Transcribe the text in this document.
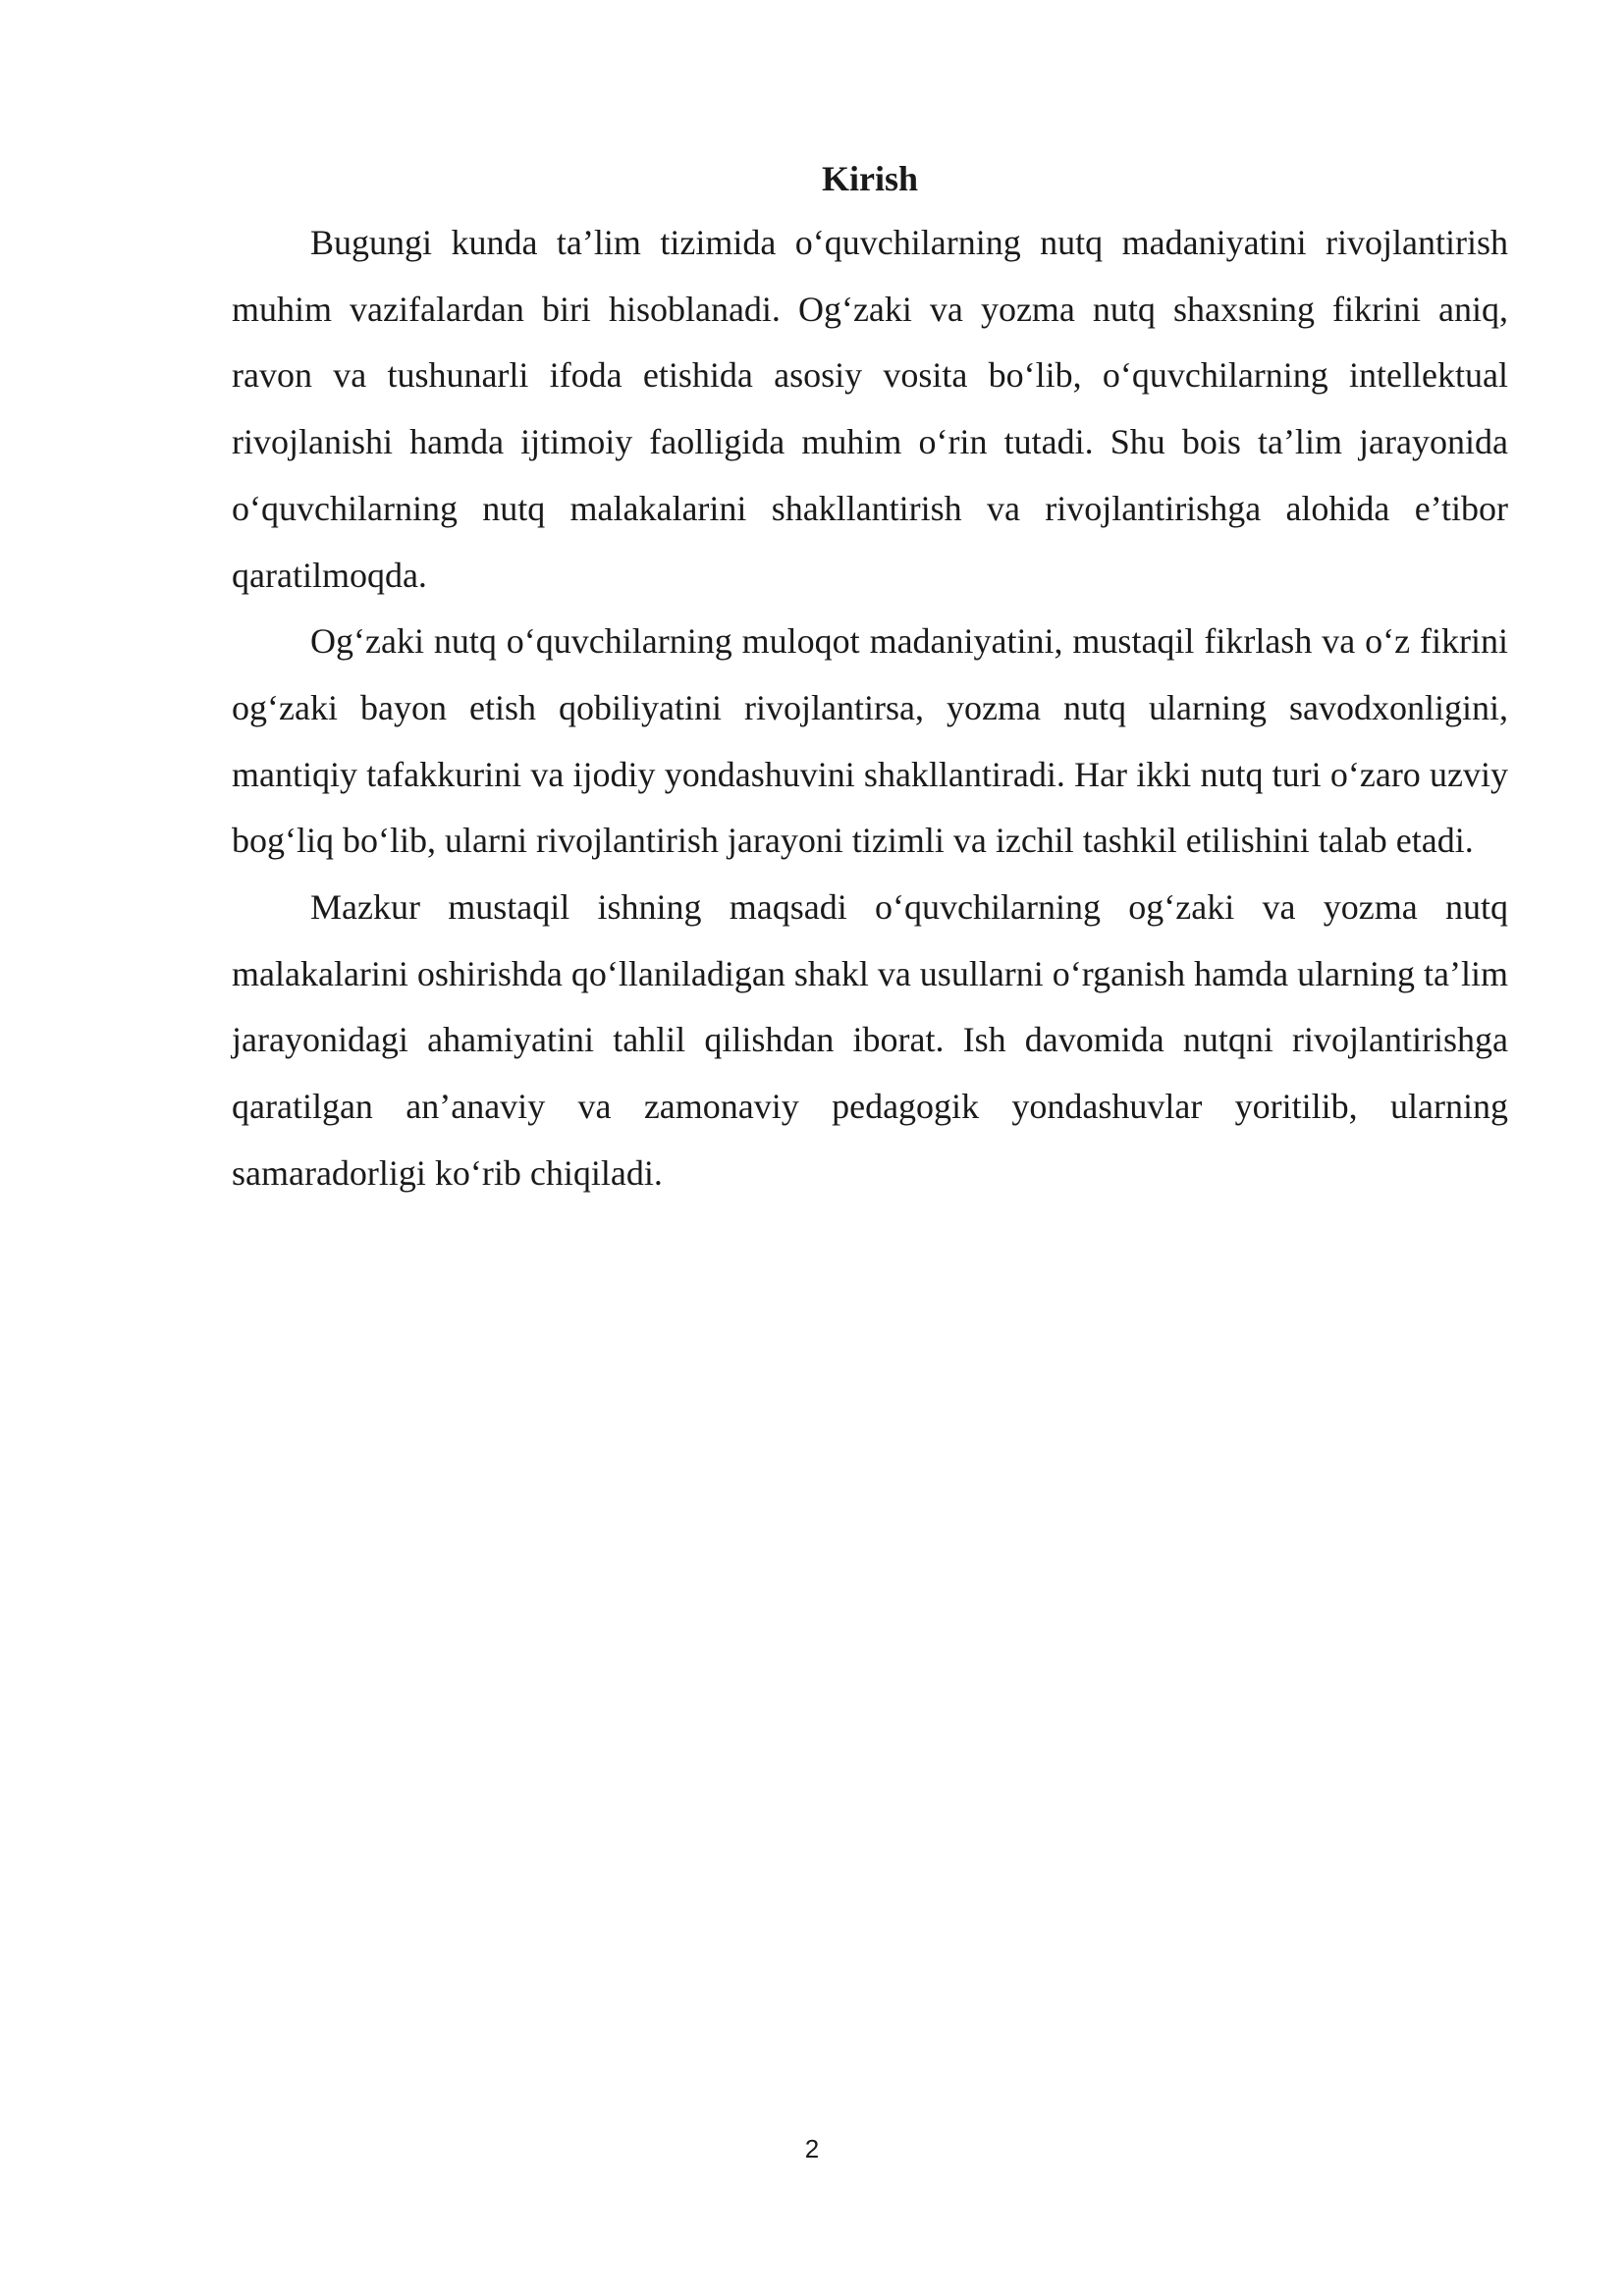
Kirish

Bugungi kunda ta’lim tizimida o‘quvchilarning nutq madaniyatini rivojlantirish muhim vazifalardan biri hisoblanadi. Og‘zaki va yozma nutq shaxsning fikrini aniq, ravon va tushunarli ifoda etishida asosiy vosita bo‘lib, o‘quvchilarning intellektual rivojlanishi hamda ijtimoiy faolligida muhim o‘rin tutadi. Shu bois ta’lim jarayonida o‘quvchilarning nutq malakalarini shakllantirish va rivojlantirishga alohida e’tibor qaratilmoqda.

Og‘zaki nutq o‘quvchilarning muloqot madaniyatini, mustaqil fikrlash va o‘z fikrini og‘zaki bayon etish qobiliyatini rivojlantirsa, yozma nutq ularning savodxonligini, mantiqiy tafakkurini va ijodiy yondashuvini shakllantiradi. Har ikki nutq turi o‘zaro uzviy bog‘liq bo‘lib, ularni rivojlantirish jarayoni tizimli va izchil tashkil etilishini talab etadi.

Mazkur mustaqil ishning maqsadi o‘quvchilarning og‘zaki va yozma nutq malakalarini oshirishda qo‘llaniladigan shakl va usullarni o‘rganish hamda ularning ta’lim jarayonidagi ahamiyatini tahlil qilishdan iborat. Ish davomida nutqni rivojlantirishga qaratilgan an’anaviy va zamonaviy pedagogik yondashuvlar yoritilib, ularning samaradorligi ko‘rib chiqiladi.

2
